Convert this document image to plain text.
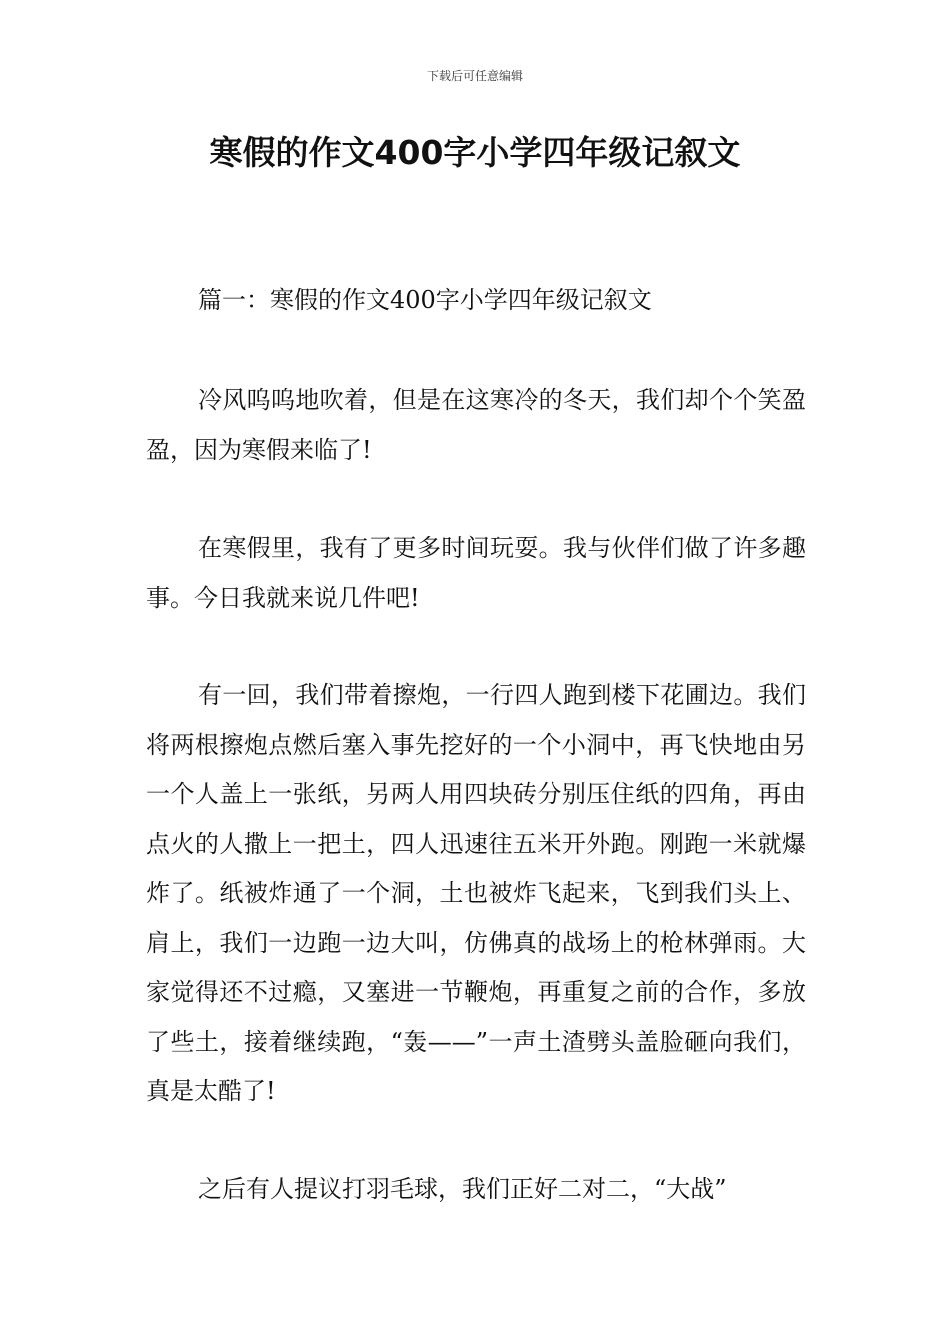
下载后可任意编辑
寒假的作文400字小学四年级记叙文
篇一：寒假的作文400字小学四年级记叙文

冷风呜呜地吹着，但是在这寒冷的冬天，我们却个个笑盈盈，因为寒假来临了!

在寒假里，我有了更多时间玩耍。我与伙伴们做了许多趣事。今日我就来说几件吧!

有一回，我们带着擦炮，一行四人跑到楼下花圃边。我们将两根擦炮点燃后塞入事先挖好的一个小洞中，再飞快地由另一个人盖上一张纸，另两人用四块砖分别压住纸的四角，再由点火的人撒上一把土，四人迅速往五米开外跑。刚跑一米就爆炸了。纸被炸通了一个洞，土也被炸飞起来，飞到我们头上、肩上，我们一边跑一边大叫，仿佛真的战场上的枪林弹雨。大家觉得还不过瘾，又塞进一节鞭炮，再重复之前的合作，多放了些土，接着继续跑，“轰——”一声土渣劈头盖脸砸向我们，真是太酷了!

之后有人提议打羽毛球，我们正好二对二，“大战”
